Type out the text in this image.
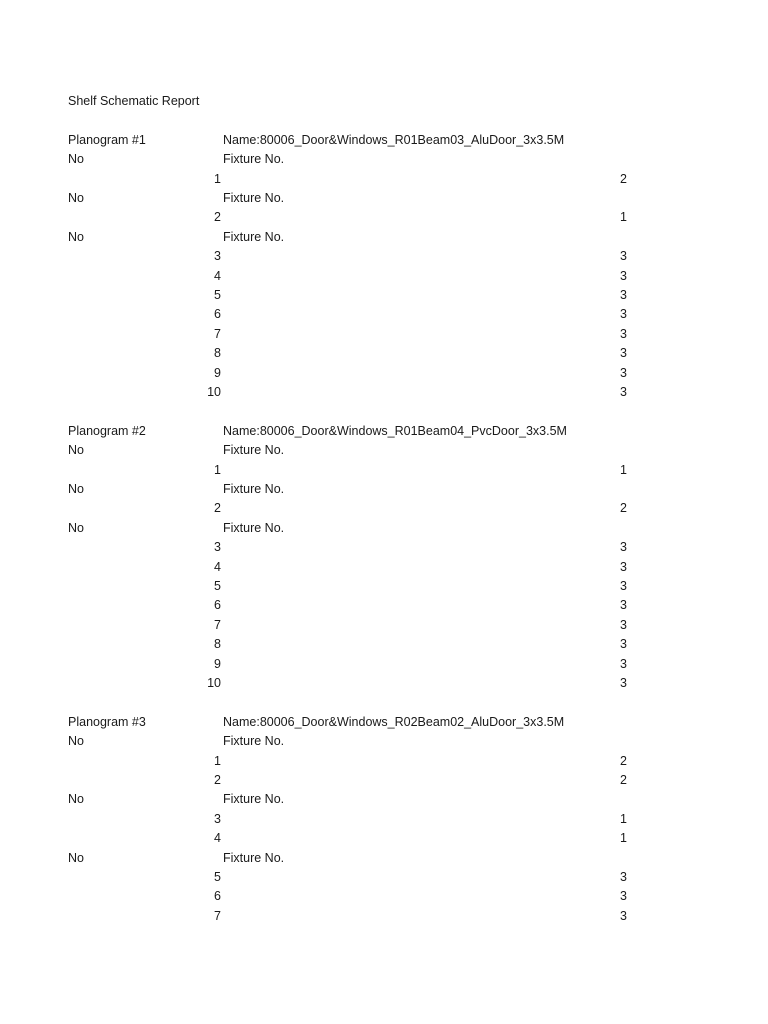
Shelf Schematic Report
Planogram #1	Name:80006_Door&Windows_R01Beam03_AluDoor_3x3.5M
No	Fixture No.
1	2
No	Fixture No.
2	1
No	Fixture No.
3	3
4	3
5	3
6	3
7	3
8	3
9	3
10	3
Planogram #2	Name:80006_Door&Windows_R01Beam04_PvcDoor_3x3.5M
No	Fixture No.
1	1
No	Fixture No.
2	2
No	Fixture No.
3	3
4	3
5	3
6	3
7	3
8	3
9	3
10	3
Planogram #3	Name:80006_Door&Windows_R02Beam02_AluDoor_3x3.5M
No	Fixture No.
1	2
2	2
No	Fixture No.
3	1
4	1
No	Fixture No.
5	3
6	3
7	3
